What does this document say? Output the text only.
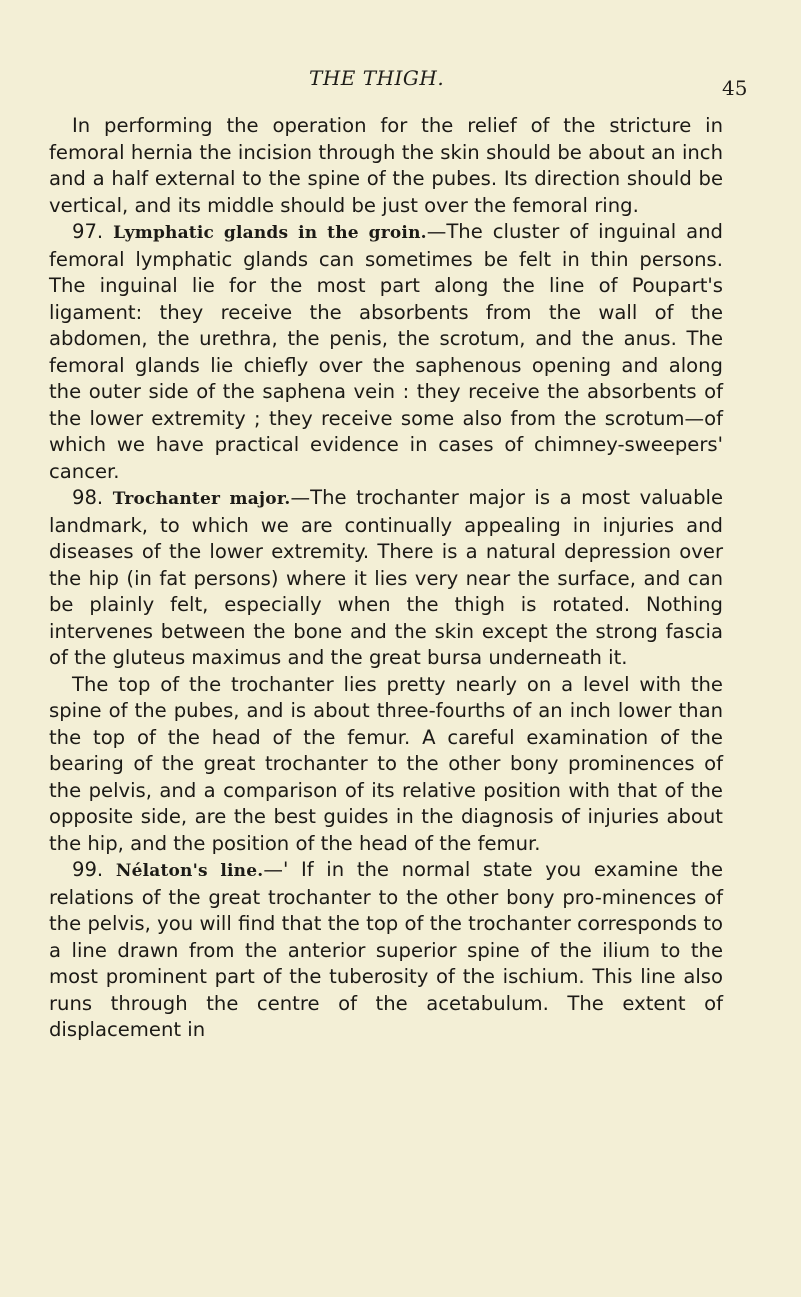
THE THIGH.	45

In performing the operation for the relief of the stricture in femoral hernia the incision through the skin should be about an inch and a half external to the spine of the pubes. Its direction should be vertical, and its middle should be just over the femoral ring.

97. Lymphatic glands in the groin.—The cluster of inguinal and femoral lymphatic glands can sometimes be felt in thin persons. The inguinal lie for the most part along the line of Poupart's ligament: they receive the absorbents from the wall of the abdomen, the urethra, the penis, the scrotum, and the anus. The femoral glands lie chiefly over the saphenous opening and along the outer side of the saphena vein : they receive the absorbents of the lower extremity ; they receive some also from the scrotum—of which we have practical evidence in cases of chimney-sweepers' cancer.

98. Trochanter major.—The trochanter major is a most valuable landmark, to which we are continually appealing in injuries and diseases of the lower extremity. There is a natural depression over the hip (in fat persons) where it lies very near the surface, and can be plainly felt, especially when the thigh is rotated. Nothing intervenes between the bone and the skin except the strong fascia of the gluteus maximus and the great bursa underneath it.

The top of the trochanter lies pretty nearly on a level with the spine of the pubes, and is about three-fourths of an inch lower than the top of the head of the femur. A careful examination of the bearing of the great trochanter to the other bony prominences of the pelvis, and a comparison of its relative position with that of the opposite side, are the best guides in the diagnosis of injuries about the hip, and the position of the head of the femur.

99. Nélaton's line.—' If in the normal state you examine the relations of the great trochanter to the other bony pro-minences of the pelvis, you will find that the top of the trochanter corresponds to a line drawn from the anterior superior spine of the ilium to the most prominent part of the tuberosity of the ischium. This line also runs through the centre of the acetabulum. The extent of displacement in
